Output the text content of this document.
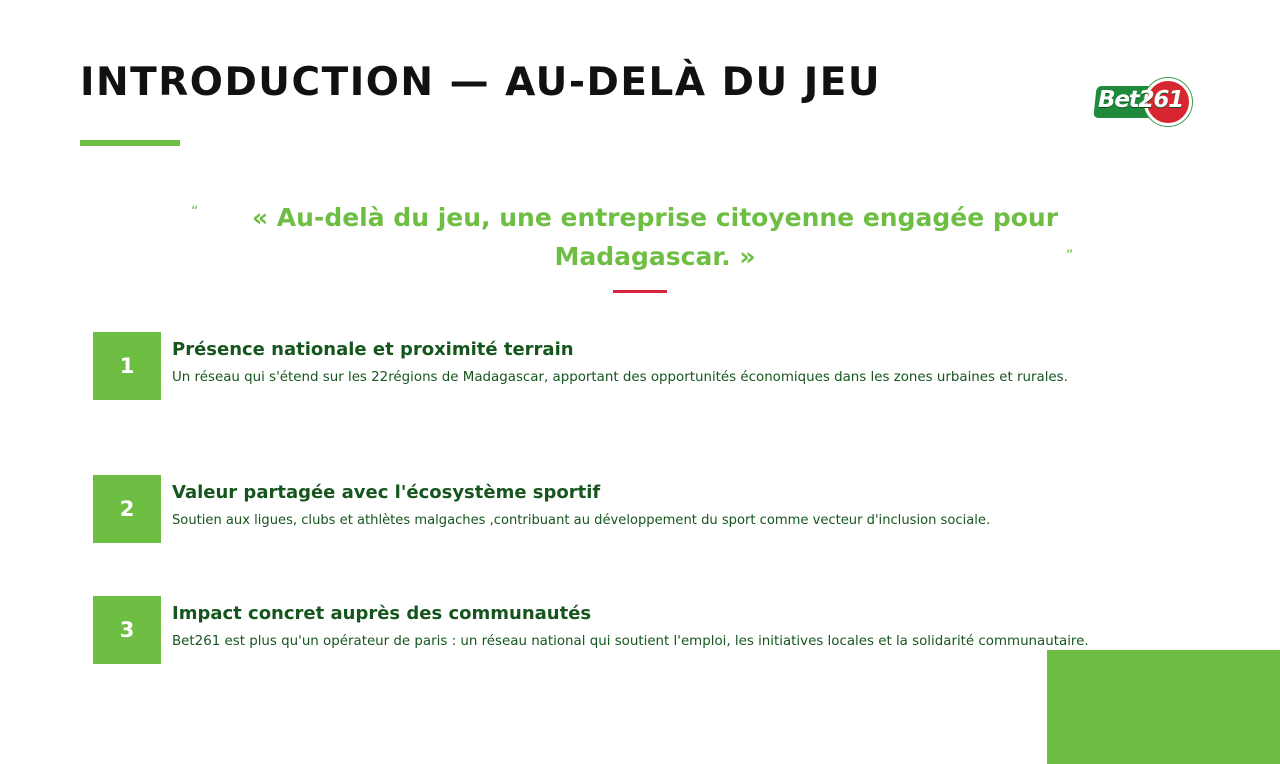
INTRODUCTION — AU-DELÀ DU JEU	Bet261
“ « Au-delà du jeu, une entreprise citoyenne engagée pour Madagascar. »	”
1
Présence nationale et proximité terrain

Un réseau qui s'étend sur les 22régions de Madagascar, apportant des opportunités économiques dans les zones urbaines et rurales.

2
Valeur partagée avec l'écosystème sportif

Soutien aux ligues, clubs et athlètes malgaches ,contribuant au développement du sport comme vecteur d'inclusion sociale.

3
Impact concret auprès des communautés

Bet261 est plus qu'un opérateur de paris : un réseau national qui soutient l'emploi, les initiatives locales et la solidarité communautaire.
